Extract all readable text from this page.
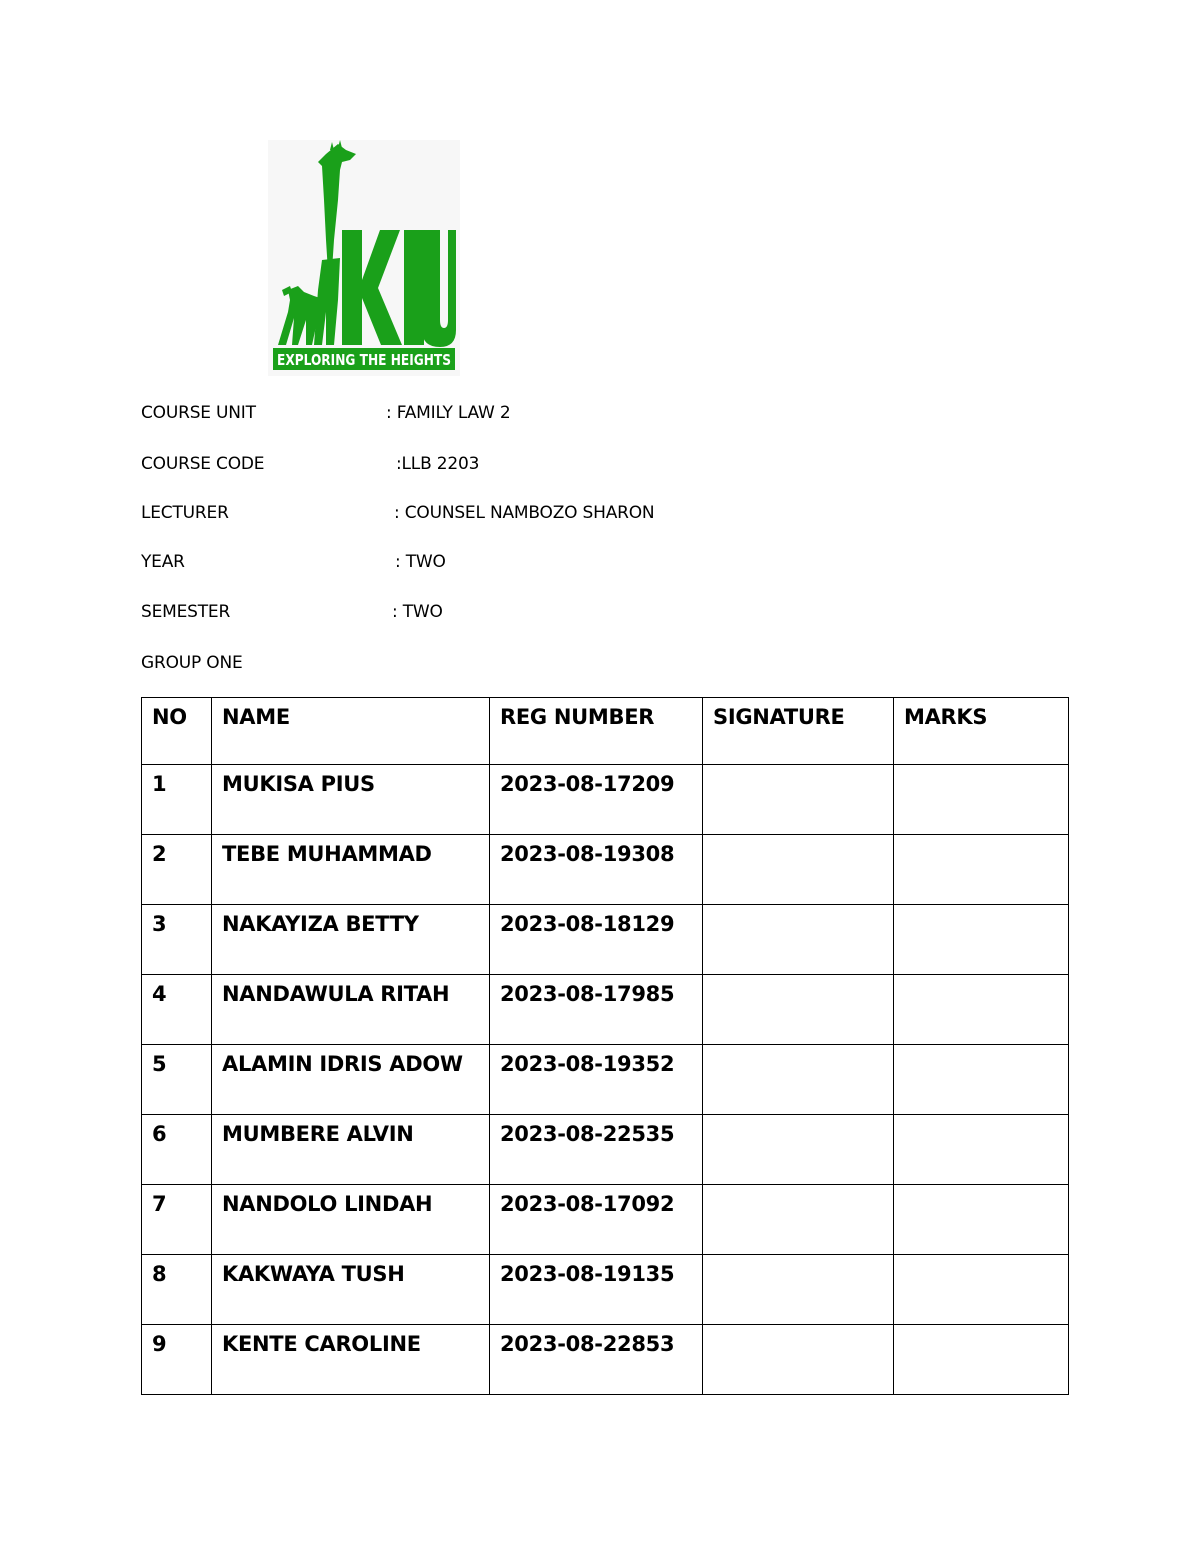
EXPLORING THE HEIGHTS
COURSE UNIT	: FAMILY LAW 2
COURSE CODE	:LLB 2203
LECTURER	: COUNSEL NAMBOZO SHARON
YEAR	: TWO
SEMESTER	: TWO
GROUP ONE
NO	NAME	REG NUMBER	SIGNATURE	MARKS
1	MUKISA PIUS	2023-08-17209		
2	TEBE MUHAMMAD	2023-08-19308		
3	NAKAYIZA BETTY	2023-08-18129		
4	NANDAWULA RITAH	2023-08-17985		
5	ALAMIN IDRIS ADOW	2023-08-19352		
6	MUMBERE ALVIN	2023-08-22535		
7	NANDOLO LINDAH	2023-08-17092		
8	KAKWAYA TUSH	2023-08-19135		
9	KENTE CAROLINE	2023-08-22853		
